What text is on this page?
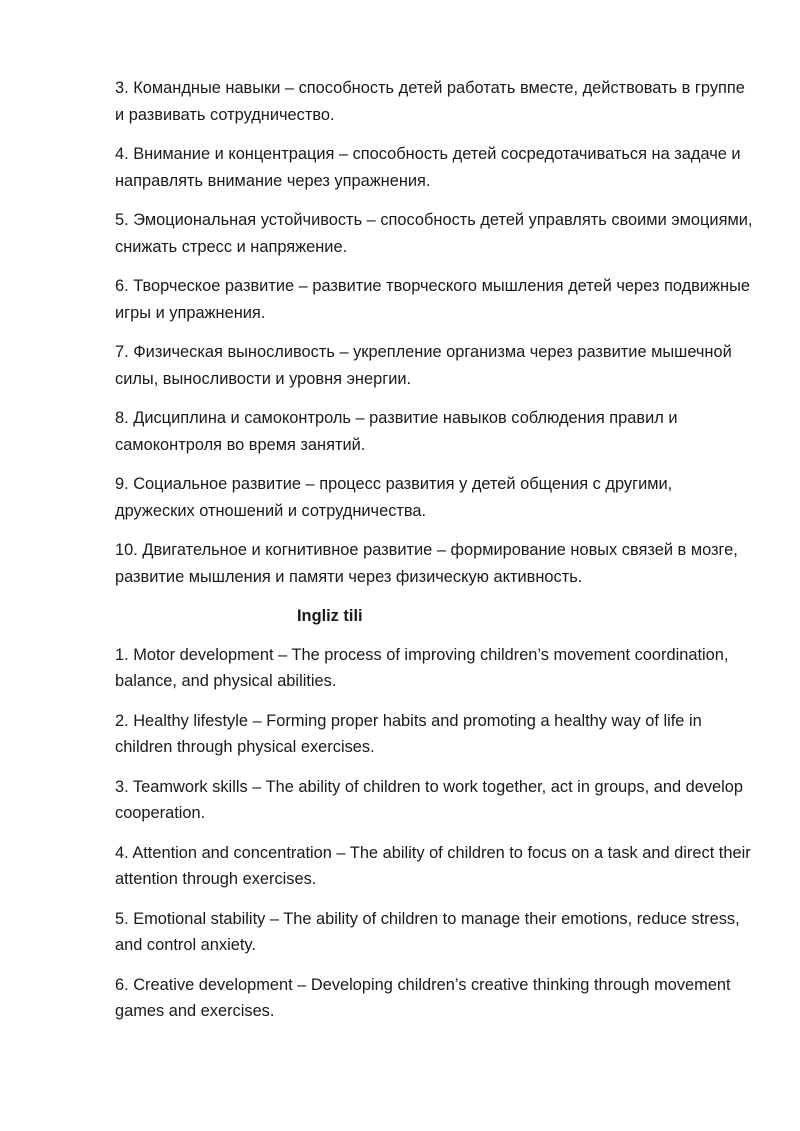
3. Командные навыки – способность детей работать вместе, действовать в группе и развивать сотрудничество.

4. Внимание и концентрация – способность детей сосредотачиваться на задаче и направлять внимание через упражнения.

5. Эмоциональная устойчивость – способность детей управлять своими эмоциями, снижать стресс и напряжение.

6. Творческое развитие – развитие творческого мышления детей через подвижные игры и упражнения.

7. Физическая выносливость – укрепление организма через развитие мышечной силы, выносливости и уровня энергии.

8. Дисциплина и самоконтроль – развитие навыков соблюдения правил и самоконтроля во время занятий.

9. Социальное развитие – процесс развития у детей общения с другими, дружеских отношений и сотрудничества.

10. Двигательное и когнитивное развитие – формирование новых связей в мозге, развитие мышления и памяти через физическую активность.

Ingliz tili

1. Motor development – The process of improving children’s movement coordination, balance, and physical abilities.

2. Healthy lifestyle – Forming proper habits and promoting a healthy way of life in children through physical exercises.

3. Teamwork skills – The ability of children to work together, act in groups, and develop cooperation.

4. Attention and concentration – The ability of children to focus on a task and direct their attention through exercises.

5. Emotional stability – The ability of children to manage their emotions, reduce stress, and control anxiety.

6. Creative development – Developing children’s creative thinking through movement games and exercises.
